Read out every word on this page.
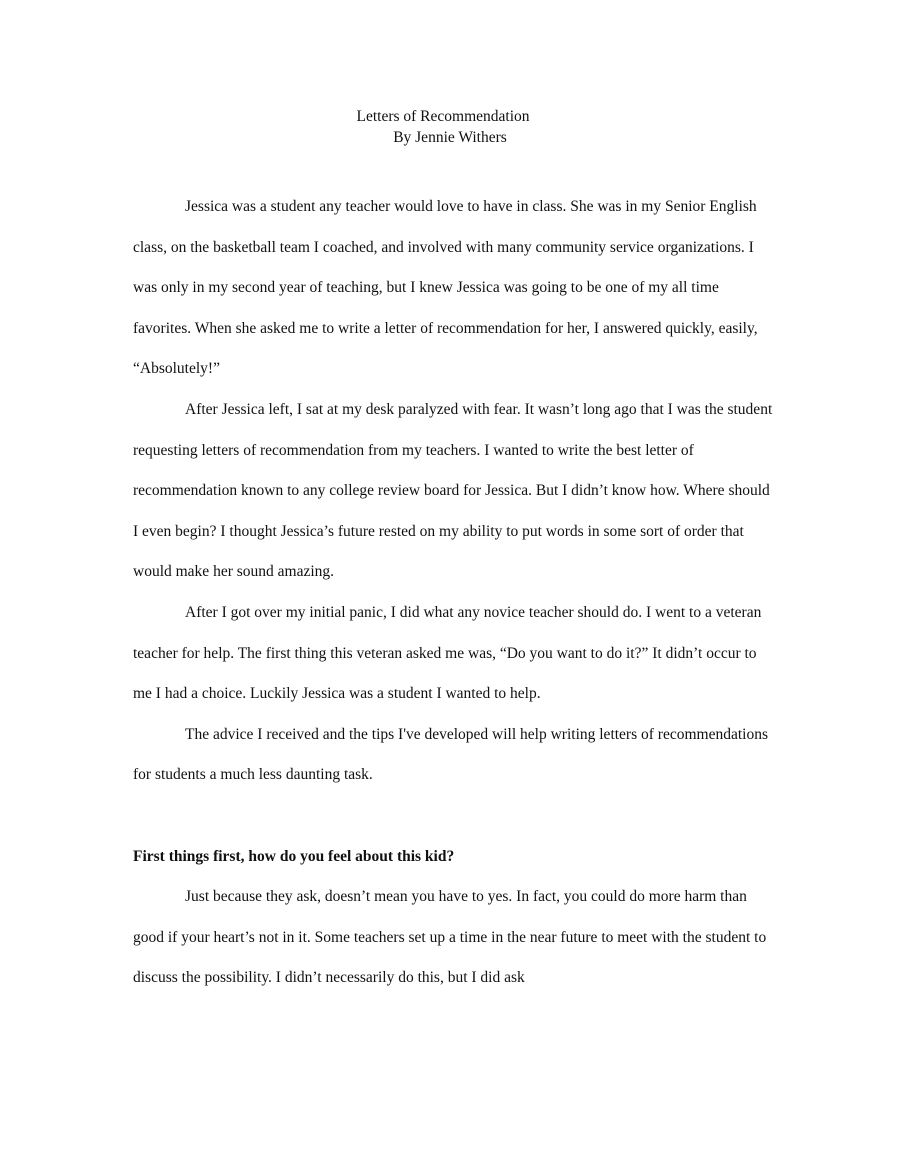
Letters of Recommendation
By Jennie Withers

Jessica was a student any teacher would love to have in class. She was in my Senior English class, on the basketball team I coached, and involved with many community service organizations. I was only in my second year of teaching, but I knew Jessica was going to be one of my all time favorites. When she asked me to write a letter of recommendation for her, I answered quickly, easily, “Absolutely!”

After Jessica left, I sat at my desk paralyzed with fear. It wasn’t long ago that I was the student requesting letters of recommendation from my teachers. I wanted to write the best letter of recommendation known to any college review board for Jessica. But I didn’t know how. Where should I even begin? I thought Jessica’s future rested on my ability to put words in some sort of order that would make her sound amazing.

After I got over my initial panic, I did what any novice teacher should do. I went to a veteran teacher for help. The first thing this veteran asked me was, “Do you want to do it?” It didn’t occur to me I had a choice. Luckily Jessica was a student I wanted to help.

The advice I received and the tips I've developed will help writing letters of recommendations for students a much less daunting task.

First things first, how do you feel about this kid?

Just because they ask, doesn’t mean you have to yes. In fact, you could do more harm than good if your heart’s not in it. Some teachers set up a time in the near future to meet with the student to discuss the possibility. I didn’t necessarily do this, but I did ask
